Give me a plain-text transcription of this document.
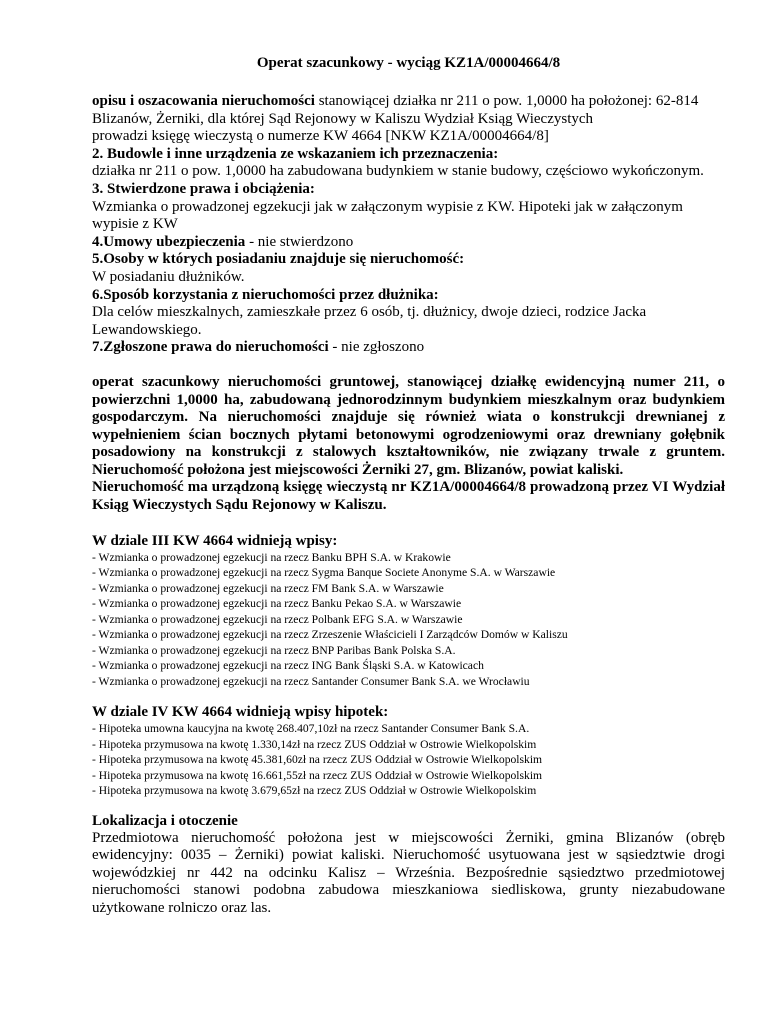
Operat szacunkowy - wyciąg KZ1A/00004664/8

opisu i oszacowania nieruchomości stanowiącej działka nr 211 o pow. 1,0000 ha położonej: 62-814

Blizanów, Żerniki, dla której Sąd Rejonowy w Kaliszu Wydział Ksiąg Wieczystych

prowadzi księgę wieczystą o numerze KW 4664 [NKW KZ1A/00004664/8]

2. Budowle i inne urządzenia ze wskazaniem ich przeznaczenia:

działka nr 211 o pow. 1,0000 ha zabudowana budynkiem w stanie budowy, częściowo wykończonym.

3. Stwierdzone prawa i obciążenia:

Wzmianka o prowadzonej egzekucji jak w załączonym wypisie z KW. Hipoteki jak w załączonym wypisie z KW

4.Umowy ubezpieczenia - nie stwierdzono

5.Osoby w których posiadaniu znajduje się nieruchomość:

W posiadaniu dłużników.

6.Sposób korzystania z nieruchomości przez dłużnika:

Dla celów mieszkalnych, zamieszkałe przez 6 osób, tj. dłużnicy, dwoje dzieci, rodzice Jacka Lewandowskiego.

7.Zgłoszone prawa do nieruchomości - nie zgłoszono

operat szacunkowy nieruchomości gruntowej, stanowiącej działkę ewidencyjną numer 211, o powierzchni 1,0000 ha, zabudowaną jednorodzinnym budynkiem mieszkalnym oraz budynkiem gospodarczym. Na nieruchomości znajduje się również wiata o konstrukcji drewnianej z wypełnieniem ścian bocznych płytami betonowymi ogrodzeniowymi oraz drewniany gołębnik posadowiony na konstrukcji z stalowych kształtowników, nie związany trwale z gruntem. Nieruchomość położona jest miejscowości Żerniki 27, gm. Blizanów, powiat kaliski.

Nieruchomość ma urządzoną księgę wieczystą nr KZ1A/00004664/8 prowadzoną przez VI Wydział Ksiąg Wieczystych Sądu Rejonowy w Kaliszu.

W dziale III KW 4664 widnieją wpisy:

- Wzmianka o prowadzonej egzekucji na rzecz Banku BPH S.A. w Krakowie

- Wzmianka o prowadzonej egzekucji na rzecz Sygma Banque Societe Anonyme S.A. w Warszawie

- Wzmianka o prowadzonej egzekucji na rzecz FM Bank S.A. w Warszawie

- Wzmianka o prowadzonej egzekucji na rzecz Banku Pekao S.A. w Warszawie

- Wzmianka o prowadzonej egzekucji na rzecz Polbank EFG S.A. w Warszawie

- Wzmianka o prowadzonej egzekucji na rzecz Zrzeszenie Właścicieli I Zarządców Domów w Kaliszu

- Wzmianka o prowadzonej egzekucji na rzecz BNP Paribas Bank Polska S.A.

- Wzmianka o prowadzonej egzekucji na rzecz ING Bank Śląski S.A. w Katowicach

- Wzmianka o prowadzonej egzekucji na rzecz Santander Consumer Bank S.A. we Wrocławiu

W dziale IV KW 4664 widnieją wpisy hipotek:

- Hipoteka umowna kaucyjna na kwotę 268.407,10zł na rzecz Santander Consumer Bank S.A.

- Hipoteka przymusowa na kwotę 1.330,14zł na rzecz ZUS Oddział w Ostrowie Wielkopolskim

- Hipoteka przymusowa na kwotę 45.381,60zł na rzecz ZUS Oddział w Ostrowie Wielkopolskim

- Hipoteka przymusowa na kwotę 16.661,55zł na rzecz ZUS Oddział w Ostrowie Wielkopolskim

- Hipoteka przymusowa na kwotę 3.679,65zł na rzecz ZUS Oddział w Ostrowie Wielkopolskim

Lokalizacja i otoczenie

Przedmiotowa nieruchomość położona jest w miejscowości Żerniki, gmina Blizanów (obręb ewidencyjny: 0035 – Żerniki) powiat kaliski. Nieruchomość usytuowana jest w sąsiedztwie drogi wojewódzkiej nr 442 na odcinku Kalisz – Września. Bezpośrednie sąsiedztwo przedmiotowej nieruchomości stanowi podobna zabudowa mieszkaniowa siedliskowa, grunty niezabudowane użytkowane rolniczo oraz las.
